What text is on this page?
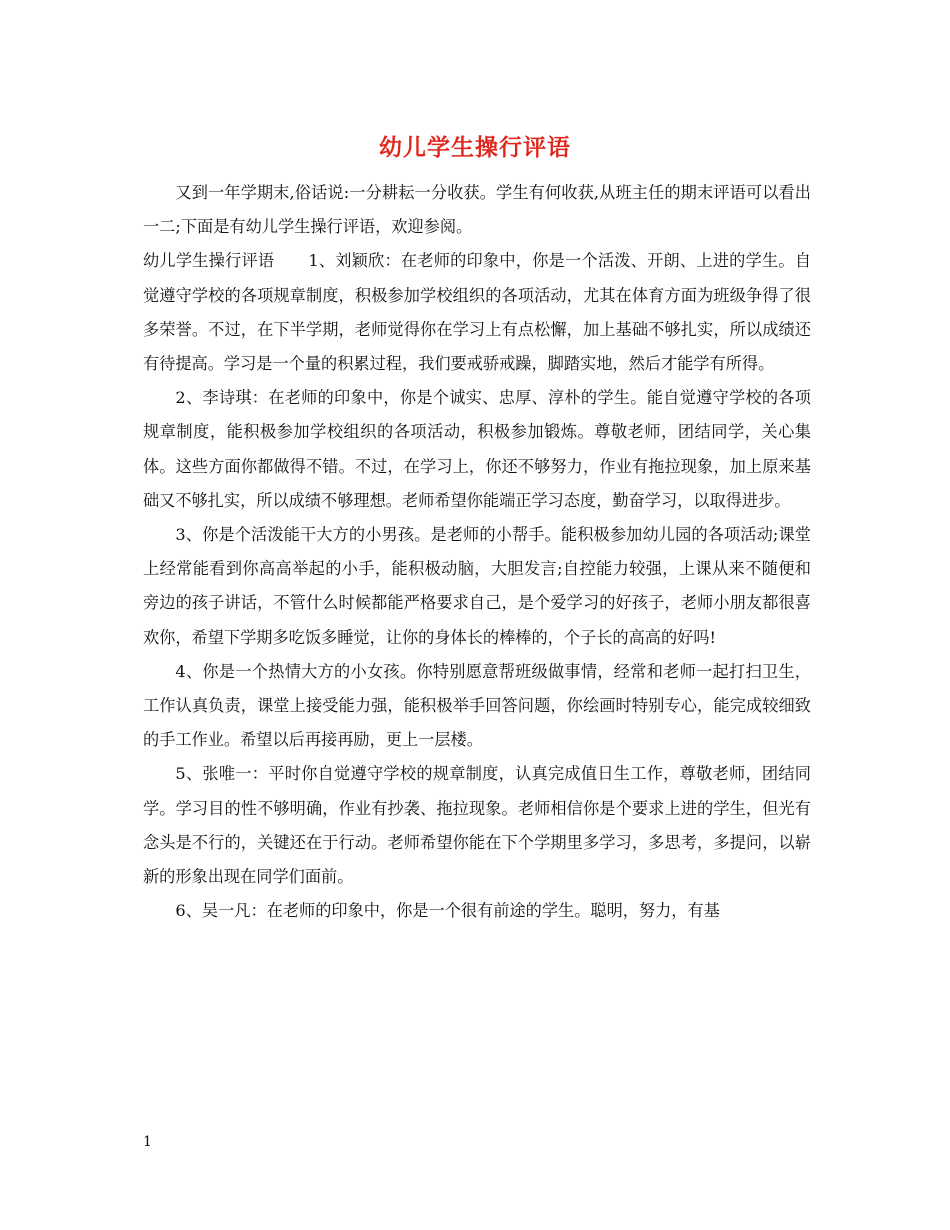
幼儿学生操行评语

又到一年学期末,俗话说:一分耕耘一分收获。学生有何收获,从班主任的期末评语可以看出一二;下面是有幼儿学生操行评语，欢迎参阅。

幼儿学生操行评语 1、刘颖欣：在老师的印象中，你是一个活泼、开朗、上进的学生。自觉遵守学校的各项规章制度，积极参加学校组织的各项活动，尤其在体育方面为班级争得了很多荣誉。不过，在下半学期，老师觉得你在学习上有点松懈，加上基础不够扎实，所以成绩还有待提高。学习是一个量的积累过程，我们要戒骄戒躁，脚踏实地，然后才能学有所得。

2、李诗琪：在老师的印象中，你是个诚实、忠厚、淳朴的学生。能自觉遵守学校的各项规章制度，能积极参加学校组织的各项活动，积极参加锻炼。尊敬老师，团结同学，关心集体。这些方面你都做得不错。不过，在学习上，你还不够努力，作业有拖拉现象，加上原来基础又不够扎实，所以成绩不够理想。老师希望你能端正学习态度，勤奋学习，以取得进步。

3、你是个活泼能干大方的小男孩。是老师的小帮手。能积极参加幼儿园的各项活动;课堂上经常能看到你高高举起的小手，能积极动脑，大胆发言;自控能力较强，上课从来不随便和旁边的孩子讲话，不管什么时候都能严格要求自己，是个爱学习的好孩子，老师小朋友都很喜欢你，希望下学期多吃饭多睡觉，让你的身体长的棒棒的，个子长的高高的好吗!

4、你是一个热情大方的小女孩。你特别愿意帮班级做事情，经常和老师一起打扫卫生，工作认真负责，课堂上接受能力强，能积极举手回答问题，你绘画时特别专心，能完成较细致的手工作业。希望以后再接再励，更上一层楼。

5、张唯一：平时你自觉遵守学校的规章制度，认真完成值日生工作，尊敬老师，团结同学。学习目的性不够明确，作业有抄袭、拖拉现象。老师相信你是个要求上进的学生，但光有念头是不行的，关键还在于行动。老师希望你能在下个学期里多学习，多思考，多提问，以崭新的形象出现在同学们面前。

6、吴一凡：在老师的印象中，你是一个很有前途的学生。聪明，努力，有基

1
